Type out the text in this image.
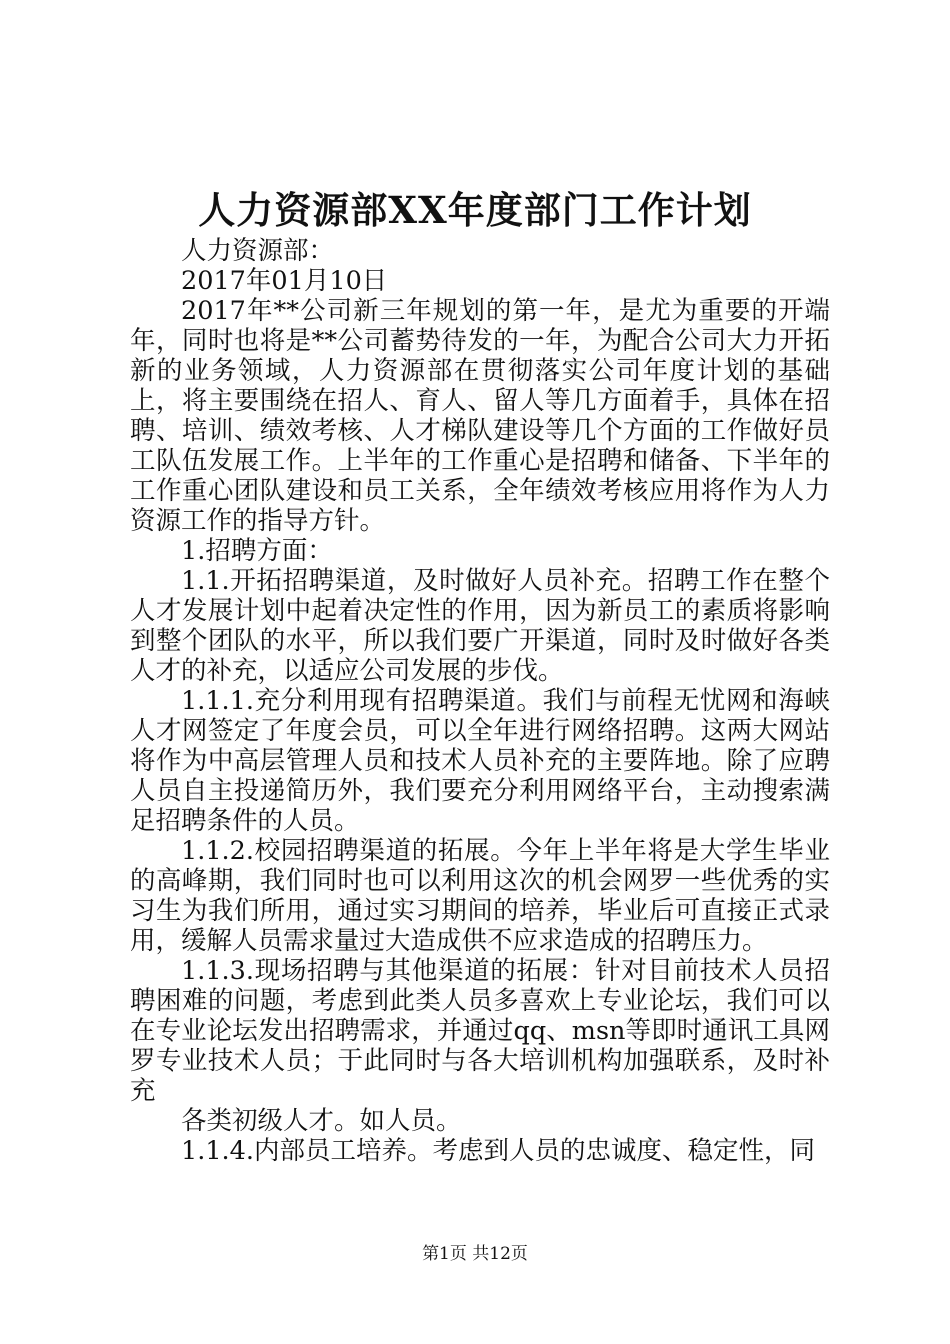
人力资源部XX年度部门工作计划

人力资源部：

2017年01月10日

2017年**公司新三年规划的第一年，是尤为重要的开端年，同时也将是**公司蓄势待发的一年，为配合公司大力开拓新的业务领域，人力资源部在贯彻落实公司年度计划的基础上，将主要围绕在招人、育人、留人等几方面着手，具体在招聘、培训、绩效考核、人才梯队建设等几个方面的工作做好员工队伍发展工作。上半年的工作重心是招聘和储备、下半年的工作重心团队建设和员工关系，全年绩效考核应用将作为人力资源工作的指导方针。

1.招聘方面：

1.1.开拓招聘渠道，及时做好人员补充。招聘工作在整个人才发展计划中起着决定性的作用，因为新员工的素质将影响到整个团队的水平，所以我们要广开渠道，同时及时做好各类人才的补充，以适应公司发展的步伐。

1.1.1.充分利用现有招聘渠道。我们与前程无忧网和海峡人才网签定了年度会员，可以全年进行网络招聘。这两大网站将作为中高层管理人员和技术人员补充的主要阵地。除了应聘人员自主投递简历外，我们要充分利用网络平台，主动搜索满足招聘条件的人员。

1.1.2.校园招聘渠道的拓展。今年上半年将是大学生毕业的高峰期，我们同时也可以利用这次的机会网罗一些优秀的实习生为我们所用，通过实习期间的培养，毕业后可直接正式录用，缓解人员需求量过大造成供不应求造成的招聘压力。

1.1.3.现场招聘与其他渠道的拓展：针对目前技术人员招聘困难的问题，考虑到此类人员多喜欢上专业论坛，我们可以在专业论坛发出招聘需求，并通过qq、msn等即时通讯工具网罗专业技术人员；于此同时与各大培训机构加强联系，及时补充

各类初级人才。如人员。

1.1.4.内部员工培养。考虑到人员的忠诚度、稳定性，同

第1页 共12页
